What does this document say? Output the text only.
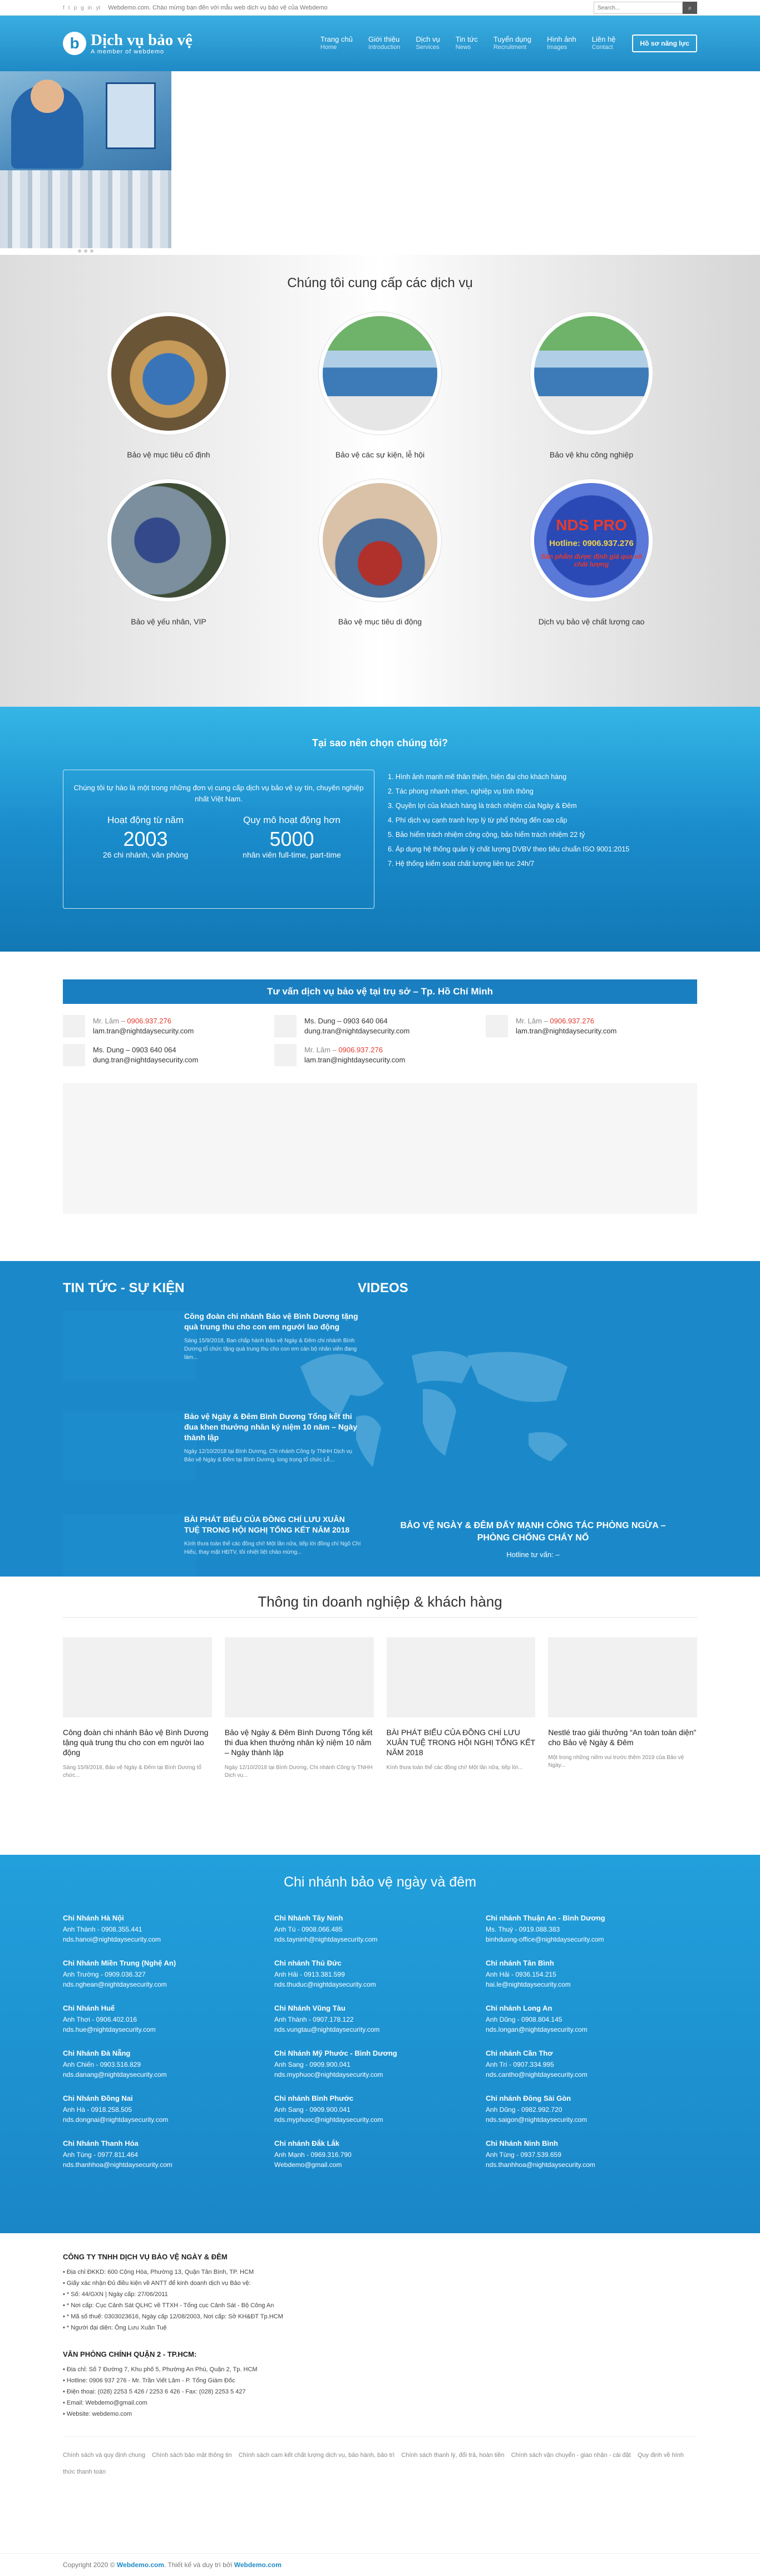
f t p g in yt Webdemo.com. Chào mừng bạn đến với mẫu web dịch vụ bảo vệ của Webdemo
Search...	⌕
b Dịch vụ bảo vệ
A member of webdemo
Trang chủ
Home
Giới thiệu
Introduction
Dịch vụ
Services
Tin tức
News
Tuyển dụng
Recruitment
Hình ảnh
Images
Liên hệ
Contact	Hồ sơ năng lực
Chúng tôi cung cấp các dịch vụ
Bảo vệ mục tiêu cố định	Bảo vệ các sự kiện, lễ hội	Bảo vệ khu công nghiệp
Bảo vệ yếu nhân, VIP	Bảo vệ mục tiêu di động
NDS PRO
Hotline: 0906.937.276
Sản phẩm được định giá qua về chất lượng
Dịch vụ bảo vệ chất lượng cao
Tại sao nên chọn chúng tôi?
Chúng tôi tự hào là một trong những đơn vị cung cấp dịch vụ bảo vệ uy tín, chuyên nghiệp nhất Việt Nam.
Hoạt động từ năm
2003
26 chi nhánh, văn phòng
Quy mô hoạt động hơn
5000
nhân viên full-time, part-time
1. Hình ảnh mạnh mẽ thân thiện, hiện đại cho khách hàng
2. Tác phong nhanh nhẹn, nghiệp vụ tinh thông
3. Quyền lợi của khách hàng là trách nhiệm của Ngày & Đêm
4. Phí dịch vụ cạnh tranh hợp lý từ phổ thông đến cao cấp
5. Bảo hiểm trách nhiệm công cộng, bảo hiểm trách nhiệm 22 tỷ
6. Áp dụng hệ thống quản lý chất lượng DVBV theo tiêu chuẩn ISO 9001:2015
7. Hệ thống kiểm soát chất lượng liên tục 24h/7
Tư vấn dịch vụ bảo vệ tại trụ sở – Tp. Hồ Chí Minh
Mr. Lâm – 0906.937.276
lam.tran@nightdaysecurity.com
Ms. Dung – 0903 640 064
dung.tran@nightdaysecurity.com
Mr. Lâm – 0906.937.276
lam.tran@nightdaysecurity.com
Ms. Dung – 0903 640 064
dung.tran@nightdaysecurity.com
Mr. Lâm – 0906.937.276
lam.tran@nightdaysecurity.com
TIN TỨC - SỰ KIỆN	VIDEOS
Công đoàn chi nhánh Bảo vệ Bình Dương tặng quà trung thu cho con em người lao động
Sáng 15/9/2018, Ban chấp hành Bảo vệ Ngày & Đêm chi nhánh Bình Dương tổ chức tặng quà trung thu cho con em cán bộ nhân viên đang làm...
Bảo vệ Ngày & Đêm Bình Dương Tổng kết thi đua khen thưởng nhân kỷ niệm 10 năm – Ngày thành lập
Ngày 12/10/2018 tại Bình Dương, Chi nhánh Công ty TNHH Dịch vụ Bảo vệ Ngày & Đêm tại Bình Dương, long trọng tổ chức Lễ...
BÀI PHÁT BIỂU CỦA ĐỒNG CHÍ LƯU XUÂN TUỆ TRONG HỘI NGHỊ TỔNG KẾT NĂM 2018
Kính thưa toàn thể các đồng chí! Một lần nữa, tiếp lời đồng chí Ngô Chí Hiếu, thay mặt HĐTV, tôi nhiệt liệt chào mừng...
BẢO VỆ NGÀY & ĐÊM ĐẨY MẠNH CÔNG TÁC PHÒNG NGỪA – PHÒNG CHỐNG CHÁY NỔ
Hotline tư vấn: –
Thông tin doanh nghiệp & khách hàng
Công đoàn chi nhánh Bảo vệ Bình Dương tặng quà trung thu cho con em người lao động
Sáng 15/9/2018, Bảo vệ Ngày & Đêm tại Bình Dương tổ chức...
Bảo vệ Ngày & Đêm Bình Dương Tổng kết thi đua khen thưởng nhân kỷ niệm 10 năm – Ngày thành lập
Ngày 12/10/2018 tại Bình Dương, Chi nhánh Công ty TNHH Dịch vụ...
BÀI PHÁT BIỂU CỦA ĐỒNG CHÍ LƯU XUÂN TUỆ TRONG HỘI NGHỊ TỔNG KẾT NĂM 2018
Kính thưa toàn thể các đồng chí! Một lần nữa, tiếp lời...
Nestlé trao giải thưởng “An toàn toàn diện” cho Bảo vệ Ngày & Đêm
Một trong những niềm vui trước thềm 2019 của Bảo vệ Ngày...
Chi nhánh bảo vệ ngày và đêm
Chi Nhánh Hà Nội
Anh Thành - 0908.355.441
nds.hanoi@nightdaysecurity.com
Chi Nhánh Tây Ninh
Anh Tú - 0908.066.485
nds.tayninh@nightdaysecurity.com
Chi nhánh Thuận An - Bình Dương
Ms. Thuý - 0919.088.383
binhduong-office@nightdaysecurity.com
Chi Nhánh Miền Trung (Nghệ An)
Anh Trường - 0909.036.327
nds.nghean@nightdaysecurity.com
Chi nhánh Thủ Đức
Anh Hải - 0913.381.599
nds.thuduc@nightdaysecurity.com
Chi nhánh Tân Bình
Anh Hải - 0936.154.215
hai.le@nightdaysecurity.com
Chi Nhánh Huế
Anh Thơi - 0906.402.016
nds.hue@nightdaysecurity.com
Chi Nhánh Vũng Tàu
Anh Thành - 0907.178.122
nds.vungtau@nightdaysecurity.com
Chi nhánh Long An
Anh Dũng - 0908.804.145
nds.longan@nightdaysecurity.com
Chi Nhánh Đà Nẵng
Anh Chiến - 0903.516.829
nds.danang@nightdaysecurity.com
Chi Nhánh Mỹ Phước - Bình Dương
Anh Sang - 0909.900.041
nds.myphuoc@nightdaysecurity.com
Chi nhánh Cần Thơ
Anh Trí - 0907.334.995
nds.cantho@nightdaysecurity.com
Chi Nhánh Đồng Nai
Anh Hà - 0918.258.505
nds.dongnai@nightdaysecurity.com
Chi nhánh Bình Phước
Anh Sang - 0909.900.041
nds.myphuoc@nightdaysecurity.com
Chi nhánh Đông Sài Gòn
Anh Dũng - 0982.992.720
nds.saigon@nightdaysecurity.com
Chi Nhánh Thanh Hóa
Anh Tùng - 0977.811.464
nds.thanhhoa@nightdaysecurity.com
Chi nhánh Đắk Lắk
Anh Mạnh - 0969.316.790
Webdemo@gmail.com
Chi Nhánh Ninh Bình
Anh Tùng - 0937.539.659
nds.thanhhoa@nightdaysecurity.com
CÔNG TY TNHH DỊCH VỤ BẢO VỆ NGÀY & ĐÊM
• Địa chỉ ĐKKD: 600 Cộng Hòa, Phường 13, Quận Tân Bình, TP. HCM
• Giấy xác nhận Đủ điều kiện về ANTT để kinh doanh dịch vụ Bảo vệ:
• * Số: 44/GXN | Ngày cấp: 27/06/2011
• * Nơi cấp: Cục Cảnh Sát QLHC về TTXH - Tổng cục Cảnh Sát - Bộ Công An
• * Mã số thuế: 0303023616, Ngày cấp 12/08/2003, Nơi cấp: Sở KH&ĐT Tp.HCM
• * Người đại diện: Ông Lưu Xuân Tuệ
VĂN PHÒNG CHÍNH QUẬN 2 - TP.HCM:
• Địa chỉ: Số 7 Đường 7, Khu phố 5, Phường An Phú, Quận 2, Tp. HCM
• Hotline: 0906 937 276 - Mr. Trần Viết Lâm - P. Tổng Giám Đốc
• Điện thoại: (028) 2253 5 426 / 2253 6 426 - Fax: (028) 2253 5 427
• Email: Webdemo@gmail.com
• Website: webdemo.com
Chính sách và quy định chung Chính sách bảo mật thông tin Chính sách cam kết chất lượng dịch vụ, bảo hành, bảo trì Chính sách thanh lý, đổi trả, hoàn tiền Chính sách vận chuyển - giao nhận - cài đặt Quy định về hình thức thanh toán
Copyright 2020 © Webdemo.com. Thiết kế và duy trì bởi Webdemo.com
